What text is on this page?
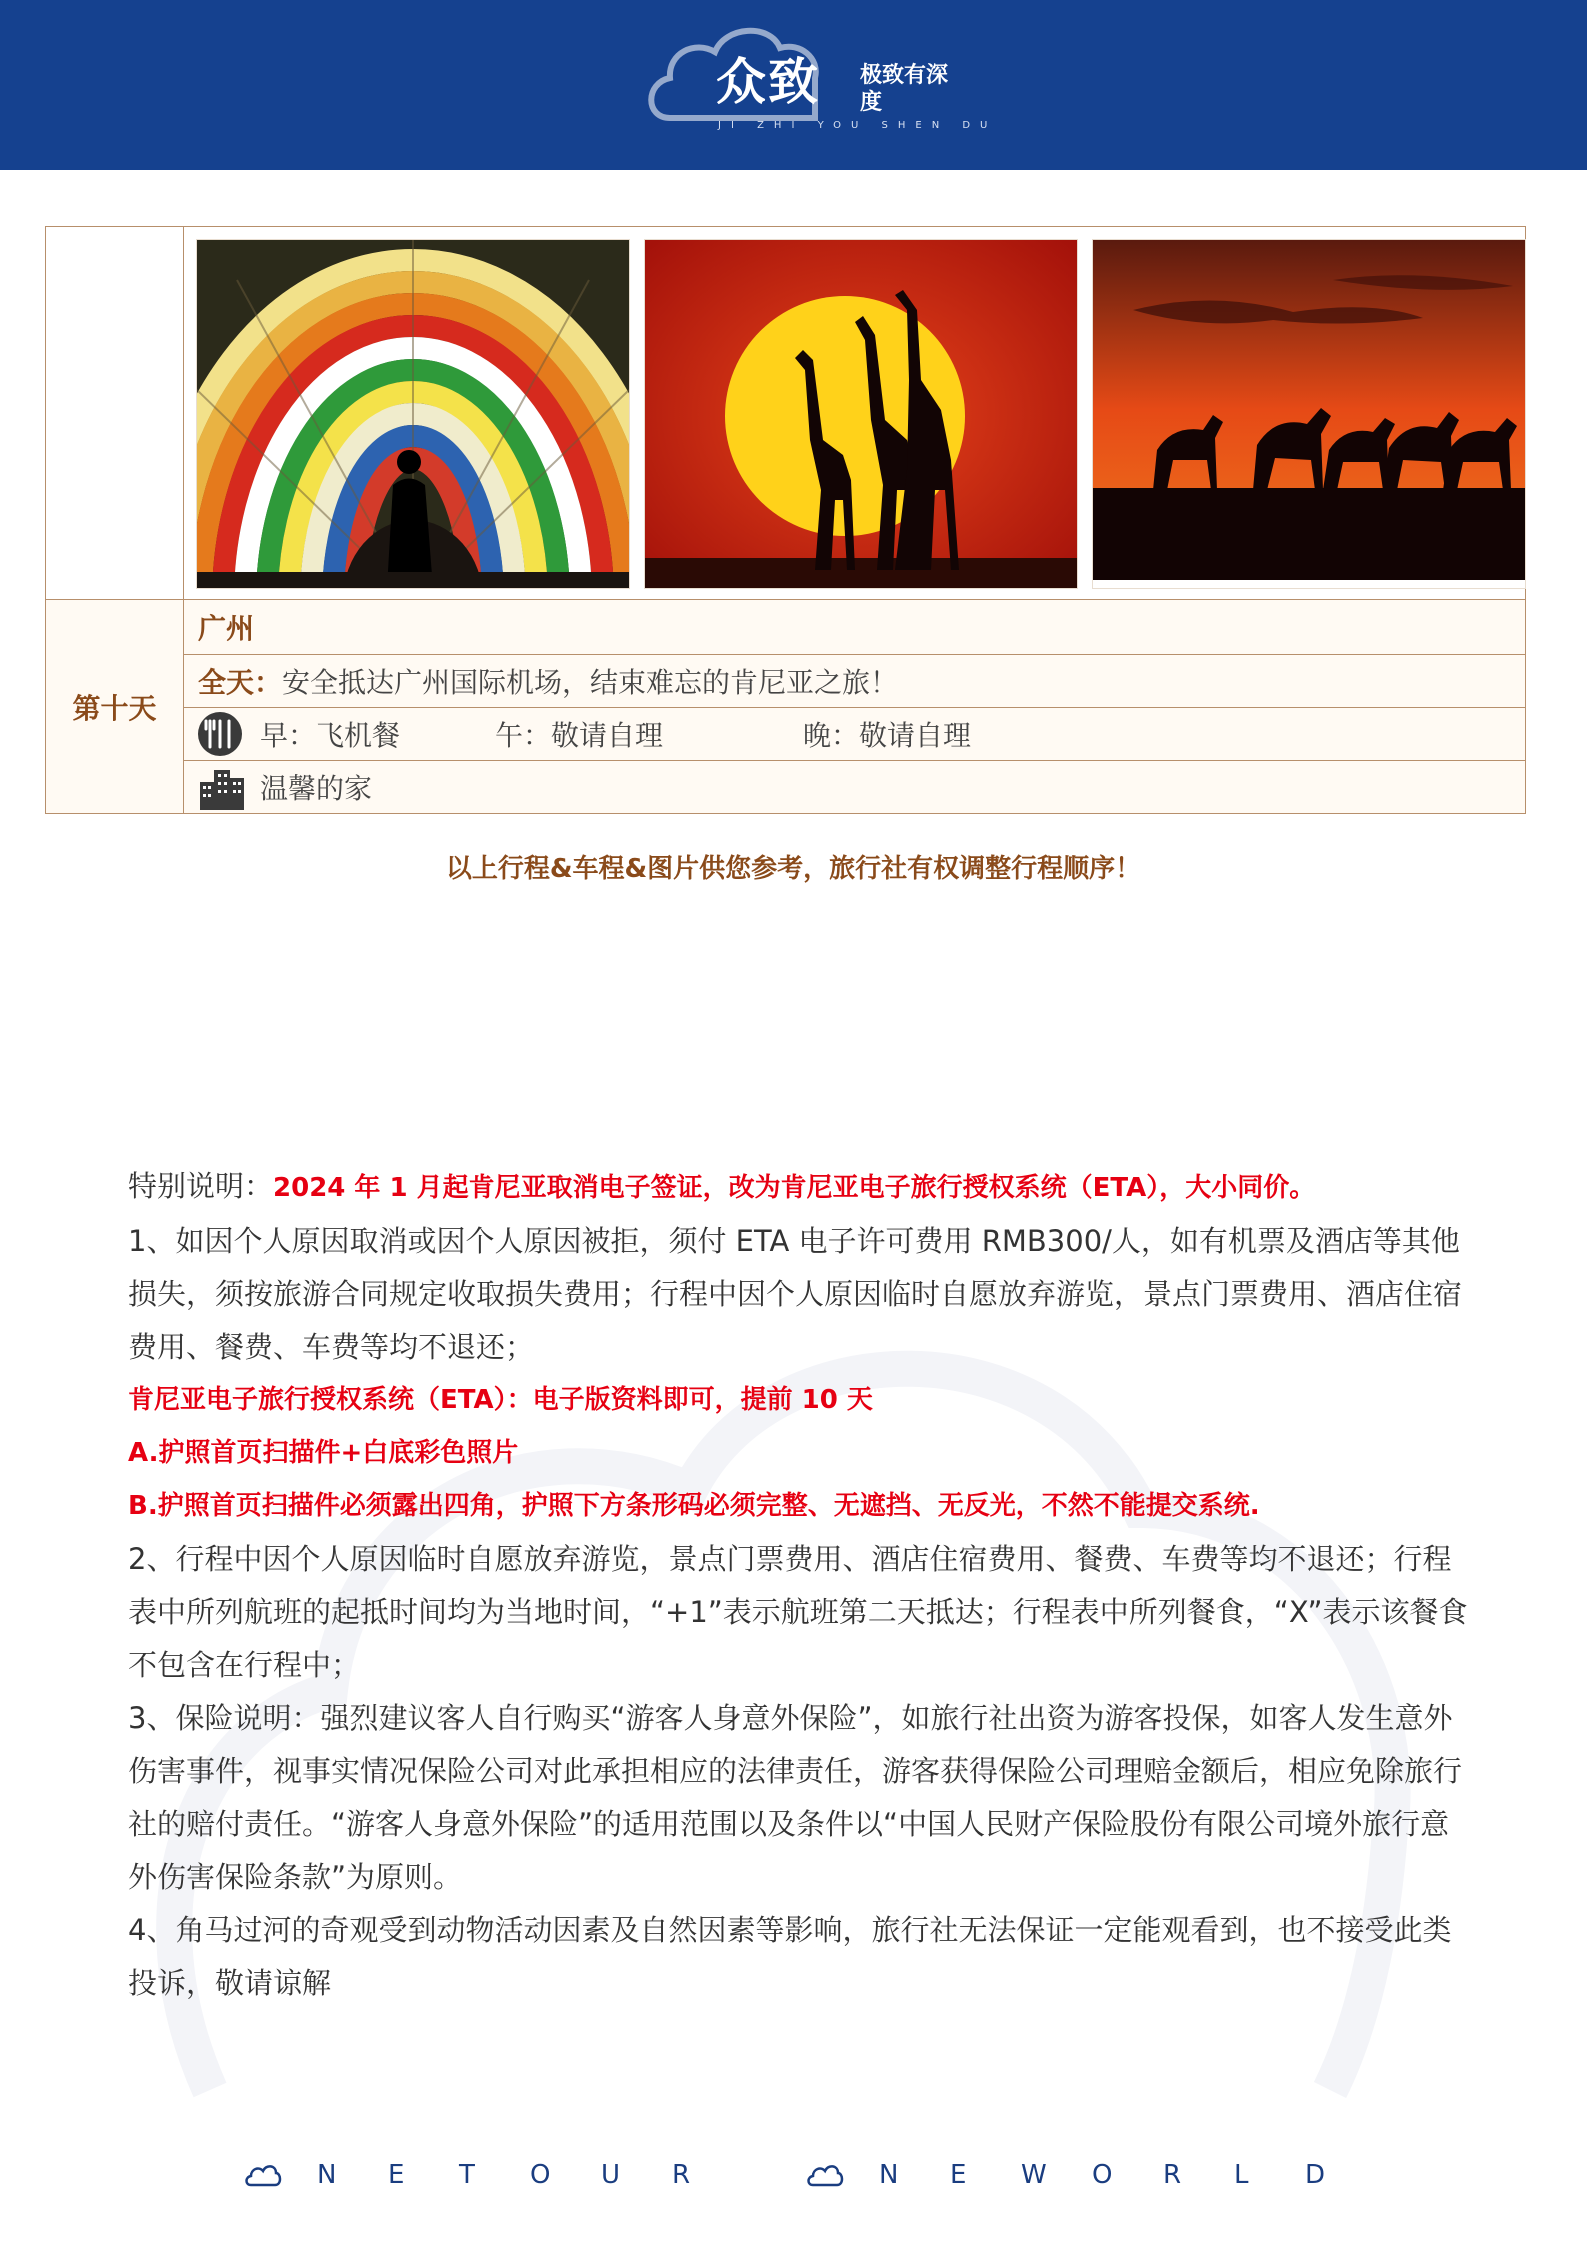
众致 极致有深度
JI ZHI YOU SHEN DU

第十天	广州
	全天：安全抵达广州国际机场，结束难忘的肯尼亚之旅！

	早：飞机餐 午：敬请自理 晚：敬请自理

	温馨的家
以上行程&车程&图片供您参考，旅行社有权调整行程顺序！

特别说明：2024 年 1 月起肯尼亚取消电子签证，改为肯尼亚电子旅行授权系统（ETA），大小同价。

1、如因个人原因取消或因个人原因被拒，须付 ETA 电子许可费用 RMB300/人，如有机票及酒店等其他损失，须按旅游合同规定收取损失费用；行程中因个人原因临时自愿放弃游览，景点门票费用、酒店住宿费用、餐费、车费等均不退还；

肯尼亚电子旅行授权系统（ETA）：电子版资料即可，提前 10 天

A.护照首页扫描件+白底彩色照片

B.护照首页扫描件必须露出四角，护照下方条形码必须完整、无遮挡、无反光，不然不能提交系统.

2、行程中因个人原因临时自愿放弃游览，景点门票费用、酒店住宿费用、餐费、车费等均不退还；行程表中所列航班的起抵时间均为当地时间，“+1”表示航班第二天抵达；行程表中所列餐食，“X”表示该餐食不包含在行程中；

3、保险说明：强烈建议客人自行购买“游客人身意外保险”，如旅行社出资为游客投保，如客人发生意外伤害事件，视事实情况保险公司对此承担相应的法律责任，游客获得保险公司理赔金额后，相应免除旅行社的赔付责任。“游客人身意外保险”的适用范围以及条件以“中国人民财产保险股份有限公司境外旅行意外伤害保险条款”为原则。

4、角马过河的奇观受到动物活动因素及自然因素等影响，旅行社无法保证一定能观看到，也不接受此类投诉，敬请谅解

N	E	T	O	U	R	N	E	W	O	R	L	D
